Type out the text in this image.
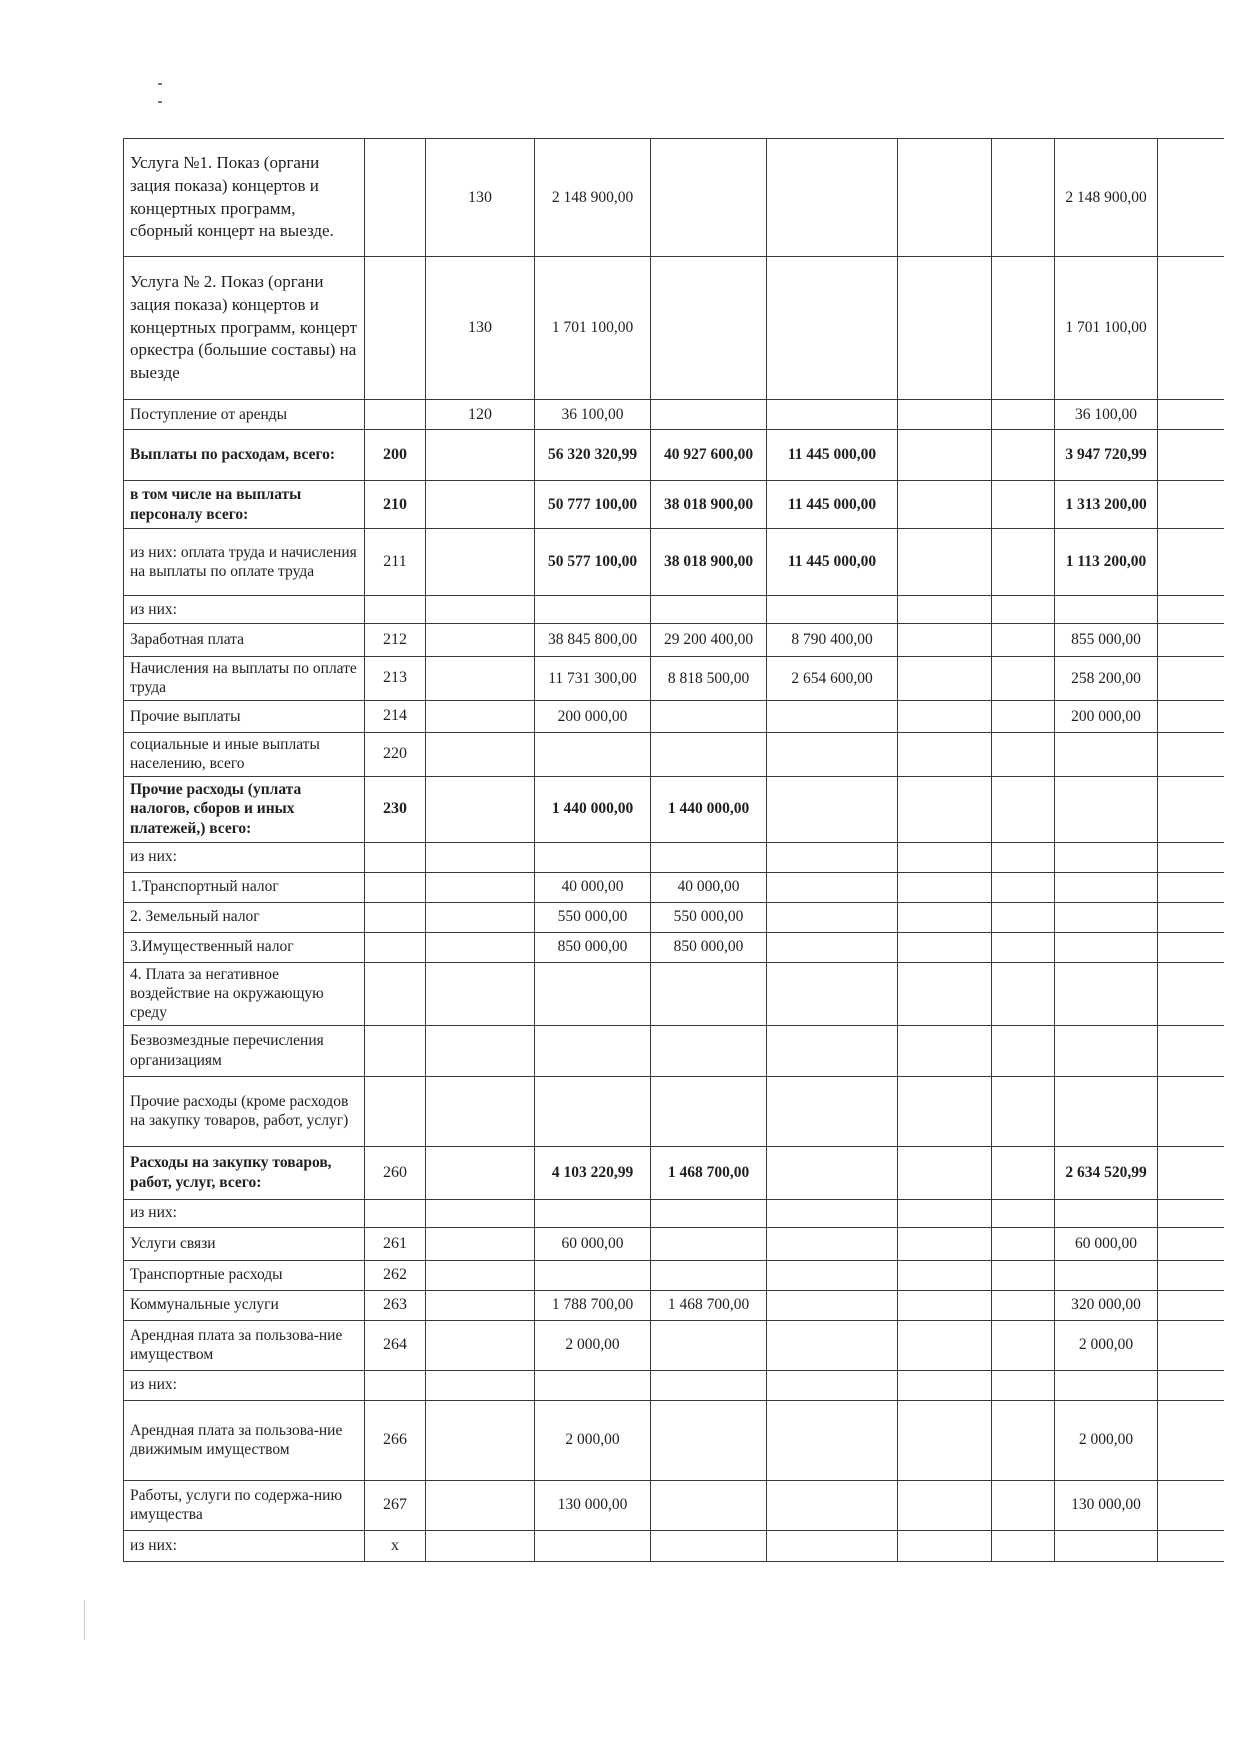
Услуга №1. Показ (органи зация показа) концертов и концертных программ, сборный концерт на выезде.		130	2 148 900,00					2 148 900,00	
Услуга № 2. Показ (органи зация показа) концертов и концертных программ, концерт оркестра (большие составы) на выезде		130	1 701 100,00					1 701 100,00	
Поступление от аренды		120	36 100,00					36 100,00	
Выплаты по расходам, всего:	200		56 320 320,99	40 927 600,00	11 445 000,00			3 947 720,99	
в том числе на выплаты персоналу всего:	210		50 777 100,00	38 018 900,00	11 445 000,00			1 313 200,00	
из них: оплата труда и начисления на выплаты по оплате труда	211		50 577 100,00	38 018 900,00	11 445 000,00			1 113 200,00	
из них:									
Заработная плата	212		38 845 800,00	29 200 400,00	8 790 400,00			855 000,00	
Начисления на выплаты по оплате труда	213		11 731 300,00	8 818 500,00	2 654 600,00			258 200,00	
Прочие выплаты	214		200 000,00					200 000,00	
социальные и иные выплаты населению, всего	220								
Прочие расходы (уплата налогов, сборов и иных платежей,) всего:	230		1 440 000,00	1 440 000,00					
из них:									
1.Транспортный налог			40 000,00	40 000,00					
2. Земельный налог			550 000,00	550 000,00					
3.Имущественный налог			850 000,00	850 000,00					
4. Плата за негативное воздействие на окружающую среду									
Безвозмездные перечисления организациям									
Прочие расходы (кроме расходов на закупку товаров, работ, услуг)									
Расходы на закупку товаров, работ, услуг, всего:	260		4 103 220,99	1 468 700,00				2 634 520,99	
из них:									
Услуги связи	261		60 000,00					60 000,00	
Транспортные расходы	262								
Коммунальные услуги	263		1 788 700,00	1 468 700,00				320 000,00	
Арендная плата за пользова-ние имуществом	264		2 000,00					2 000,00	
из них:									
Арендная плата за пользова-ние движимым имуществом	266		2 000,00					2 000,00	
Работы, услуги по содержа-нию имущества	267		130 000,00					130 000,00	
из них:	x								
